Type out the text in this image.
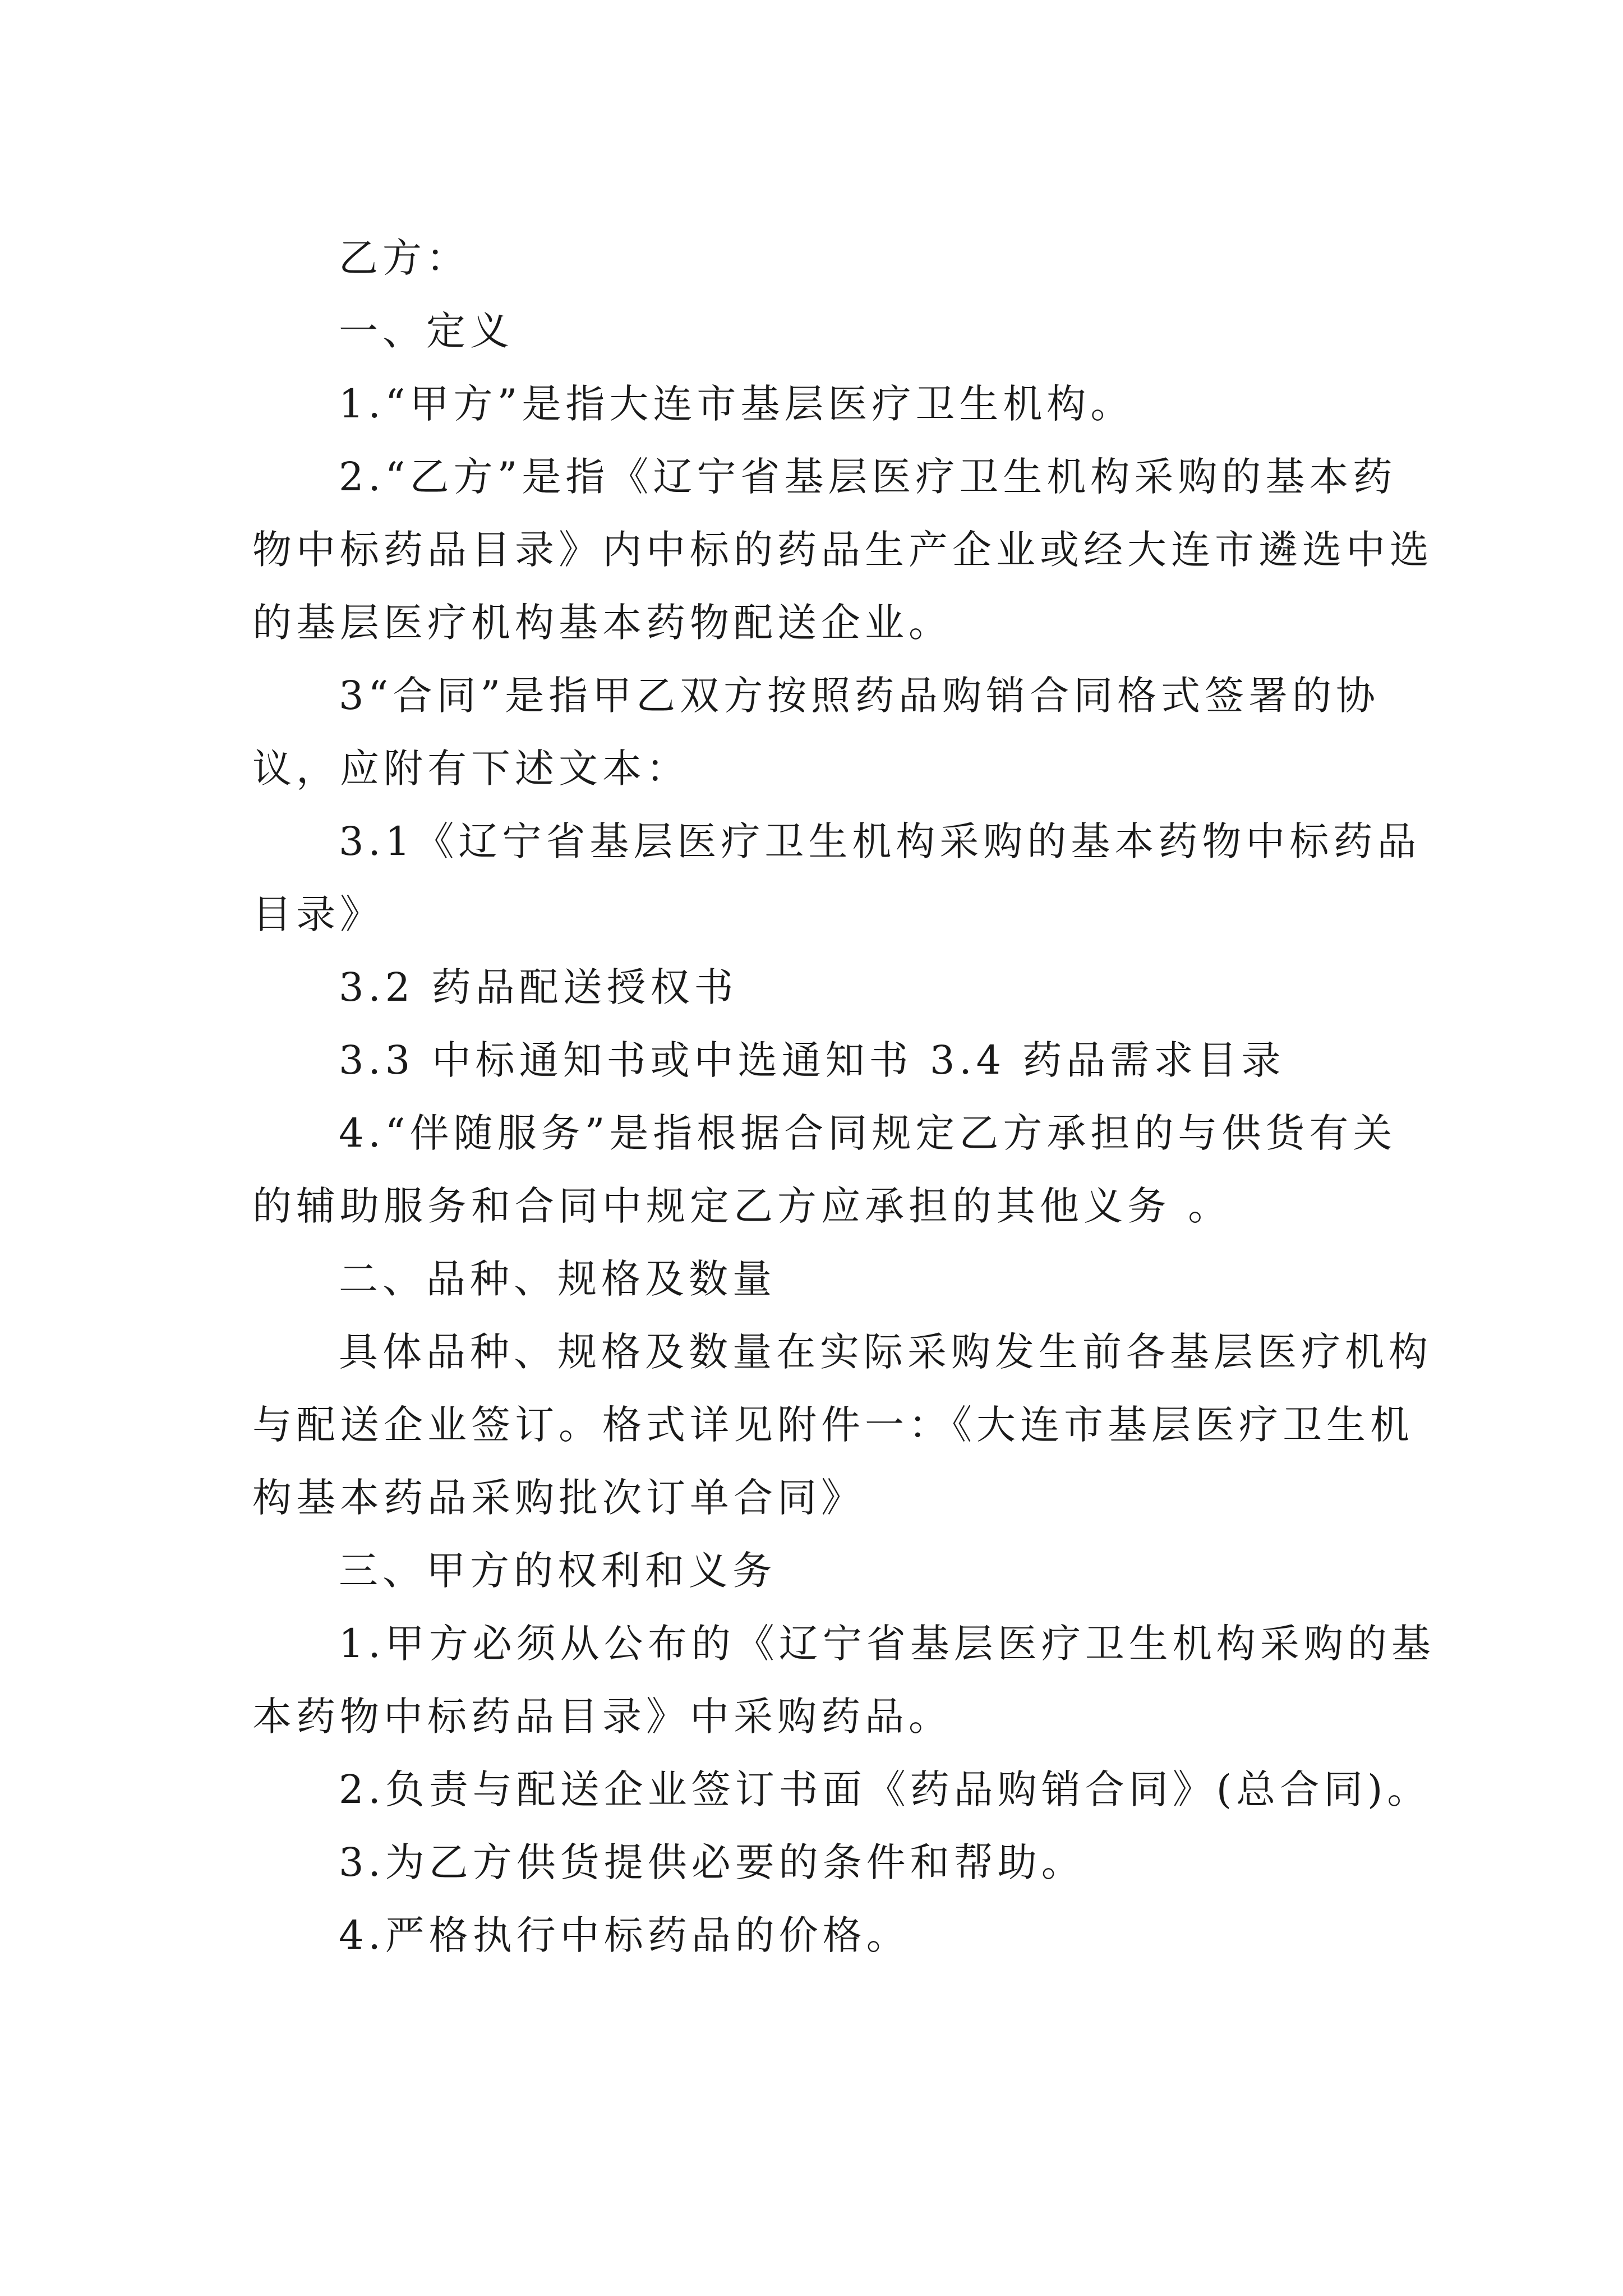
乙方：

一、定义

1.“甲方”是指大连市基层医疗卫生机构。

2.“乙方”是指《辽宁省基层医疗卫生机构采购的基本药物中标药品目录》内中标的药品生产企业或经大连市遴选中选的基层医疗机构基本药物配送企业。

3“合同”是指甲乙双方按照药品购销合同格式签署的协议，应附有下述文本：

3.1《辽宁省基层医疗卫生机构采购的基本药物中标药品目录》

3.2 药品配送授权书

3.3 中标通知书或中选通知书 3.4 药品需求目录

4.“伴随服务”是指根据合同规定乙方承担的与供货有关的辅助服务和合同中规定乙方应承担的其他义务 。

二、品种、规格及数量

具体品种、规格及数量在实际采购发生前各基层医疗机构与配送企业签订。格式详见附件一：《大连市基层医疗卫生机构基本药品采购批次订单合同》

三、甲方的权利和义务

1.甲方必须从公布的《辽宁省基层医疗卫生机构采购的基本药物中标药品目录》中采购药品。

2.负责与配送企业签订书面《药品购销合同》(总合同)。

3.为乙方供货提供必要的条件和帮助。

4.严格执行中标药品的价格。
